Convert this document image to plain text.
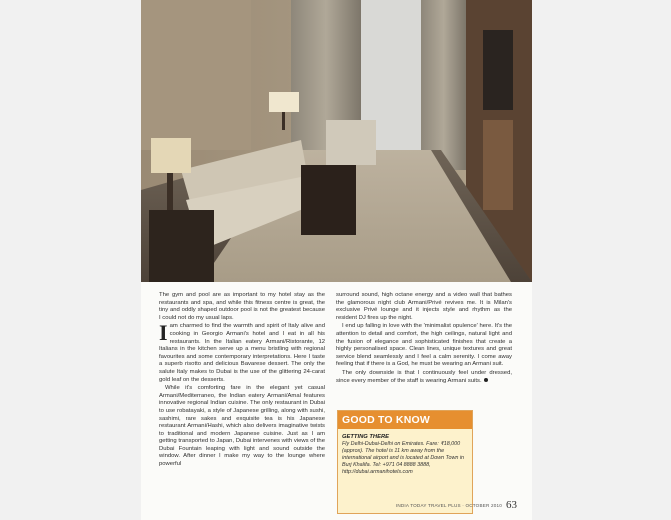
The gym and pool are as important to my hotel stay as the restaurants and spa, and while this fitness centre is great, the tiny and oddly shaped outdoor pool is not the greatest because I could not do my usual laps.

Iam charmed to find the warmth and spirit of Italy alive and cooking in Georgio Armani's hotel and I eat in all his restaurants. In the Italian eatery Armani/Ristorante, 12 Italians in the kitchen serve up a menu bristling with regional favourites and some contemporary interpretations. Here I taste a superb risotto and delicious Bavarese dessert. The only the salute Italy makes to Dubai is the use of the glittering 24-carat gold leaf on the desserts.

While it's comforting fare in the elegant yet casual Armani/Mediterraneo, the Indian eatery Armani/Amal features innovative regional Indian cuisine. The only restaurant in Dubai to use robatayaki, a style of Japanese grilling, along with sushi, sashimi, rare sakes and exquisite tea is his Japanese restaurant Armani/Hashi, which also delivers imaginative twists to traditional and modern Japanese cuisine. Just as I am getting transported to Japan, Dubai intervenes with views of the Dubai Fountain leaping with light and sound outside the window. After dinner I make my way to the lounge where powerful

surround sound, high octane energy and a video wall that bathes the glamorous night club Armani/Privé revives me. It is Milan's exclusive Privé lounge and it injects style and rhythm as the resident DJ fires up the night.

I end up falling in love with the 'minimalist opulence' here. It's the attention to detail and comfort, the high ceilings, natural light and the fusion of elegance and sophisticated finishes that create a highly personalised space. Clean lines, unique textures and great service blend seamlessly and I feel a calm serenity. I come away feeling that if there is a God, he must be wearing an Armani suit.

The only downside is that I continuously feel under dressed, since every member of the staff is wearing Armani suits.

GOOD TO KNOW
GETTING THERE
Fly Delhi-Dubai-Delhi on Emirates. Fare: ₹18,000 (approx). The hotel is 11 km away from the international airport and is located at Down Town in Burj Khalifa. Tel: +971 04 8888 3888, http://dubai.armanihotels.com
INDIA TODAY TRAVEL PLUS · OCTOBER 2010 63
